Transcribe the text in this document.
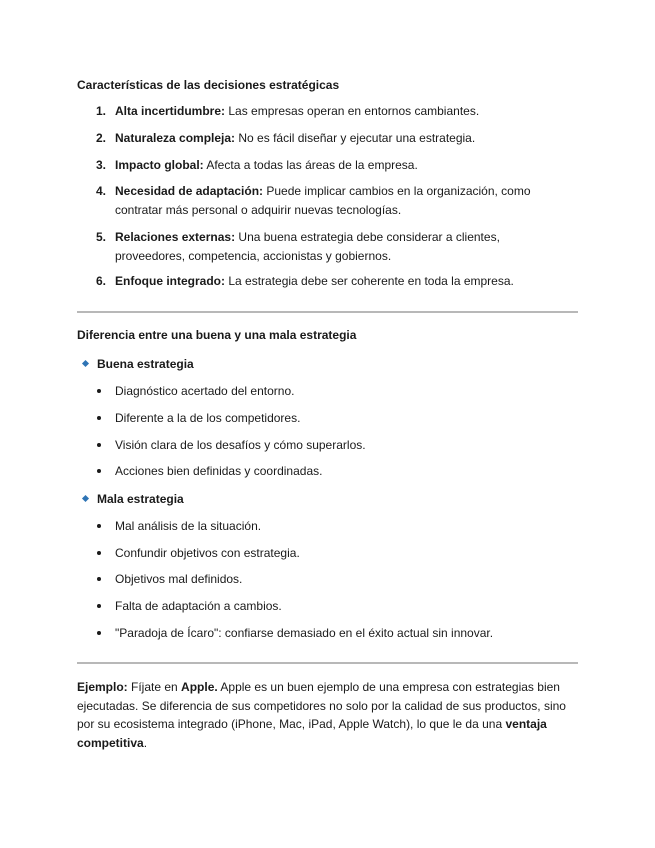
Características de las decisiones estratégicas
1. Alta incertidumbre: Las empresas operan en entornos cambiantes.
2. Naturaleza compleja: No es fácil diseñar y ejecutar una estrategia.
3. Impacto global: Afecta a todas las áreas de la empresa.
4. Necesidad de adaptación: Puede implicar cambios en la organización, como contratar más personal o adquirir nuevas tecnologías.
5. Relaciones externas: Una buena estrategia debe considerar a clientes, proveedores, competencia, accionistas y gobiernos.
6. Enfoque integrado: La estrategia debe ser coherente en toda la empresa.
Diferencia entre una buena y una mala estrategia
Buena estrategia
Diagnóstico acertado del entorno.
Diferente a la de los competidores.
Visión clara de los desafíos y cómo superarlos.
Acciones bien definidas y coordinadas.
Mala estrategia
Mal análisis de la situación.
Confundir objetivos con estrategia.
Objetivos mal definidos.
Falta de adaptación a cambios.
"Paradoja de Ícaro": confiarse demasiado en el éxito actual sin innovar.
Ejemplo: Fíjate en Apple. Apple es un buen ejemplo de una empresa con estrategias bien ejecutadas. Se diferencia de sus competidores no solo por la calidad de sus productos, sino por su ecosistema integrado (iPhone, Mac, iPad, Apple Watch), lo que le da una ventaja competitiva.
